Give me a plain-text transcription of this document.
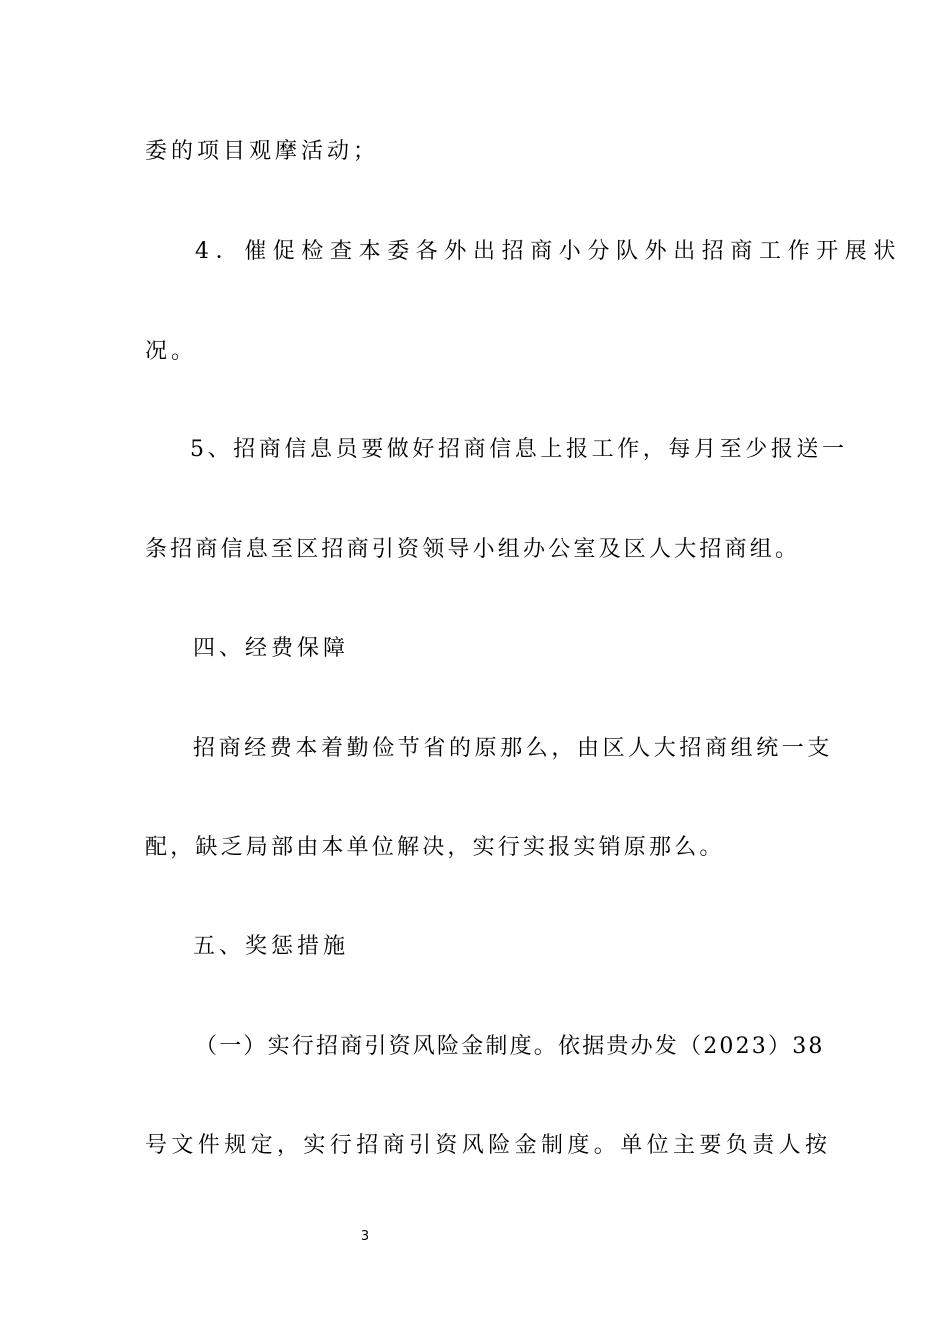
委的项目观摩活动；
4．催促检查本委各外出招商小分队外出招商工作开展状
况。
5、招商信息员要做好招商信息上报工作，每月至少报送一
条招商信息至区招商引资领导小组办公室及区人大招商组。
四、经费保障
招商经费本着勤俭节省的原那么，由区人大招商组统一支
配，缺乏局部由本单位解决，实行实报实销原那么。
五、奖惩措施
（一）实行招商引资风险金制度。依据贵办发（2023）38
号文件规定，实行招商引资风险金制度。单位主要负责人按
3
